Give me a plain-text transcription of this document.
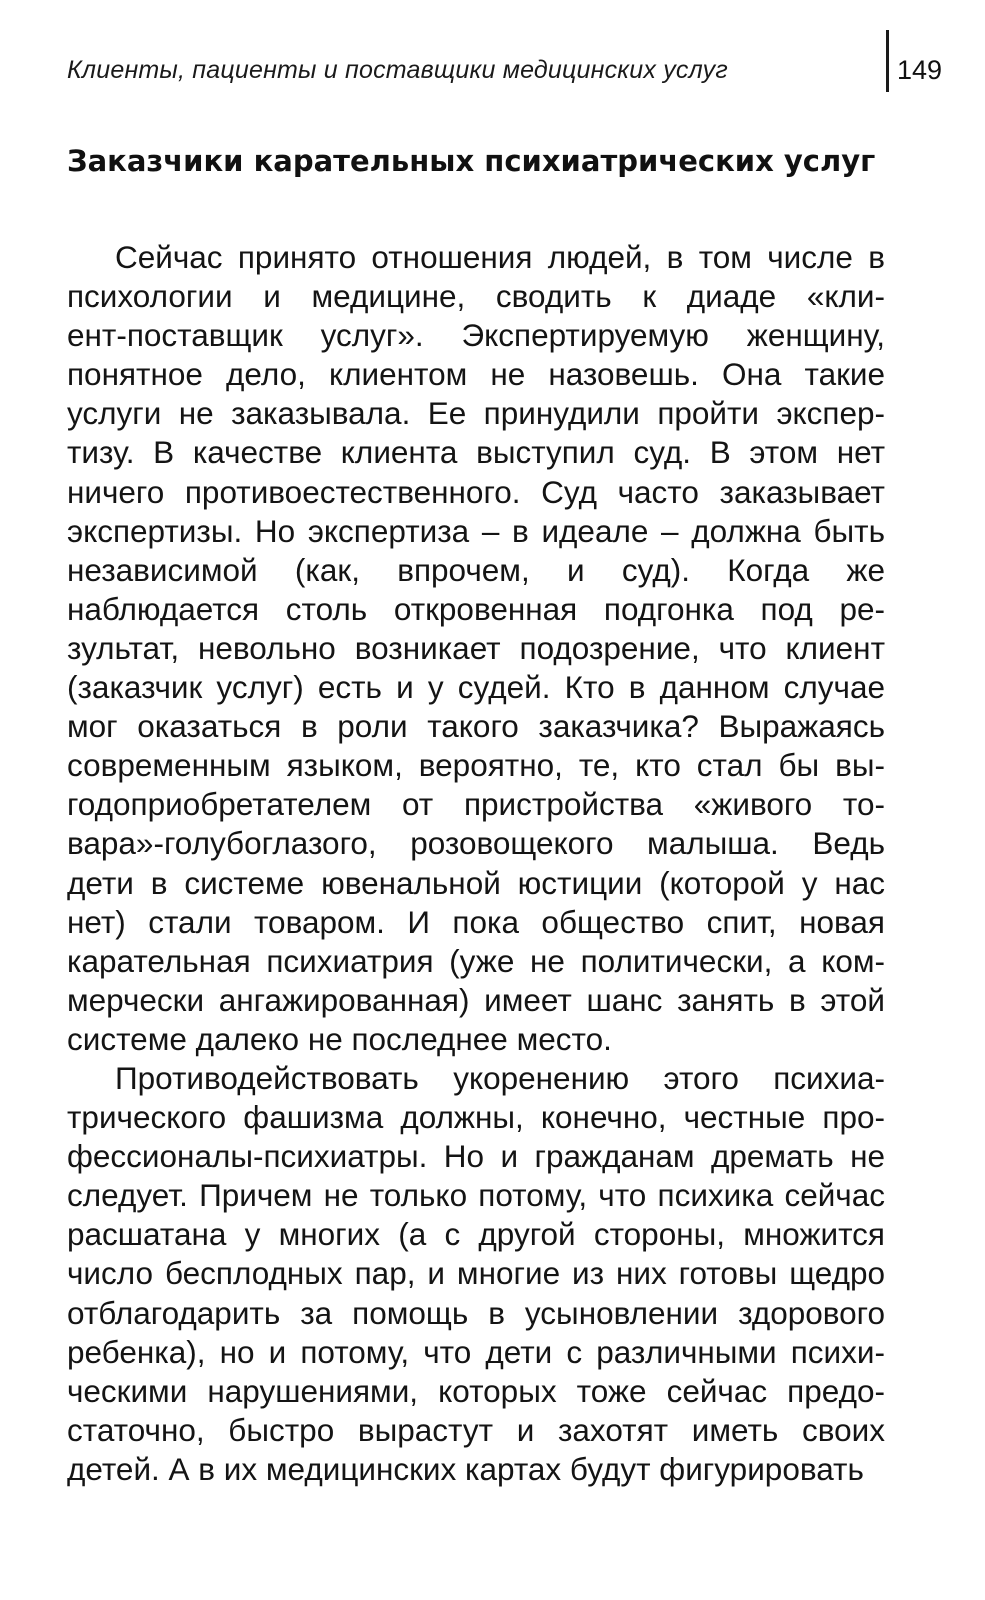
Клиенты, пациенты и поставщики медицинских услуг	149
Заказчики карательных психиатрических услуг

Сейчас принято отношения людей, в том числе в психологии и медицине, сводить к диаде «клиент‑поставщик услуг». Экспертируемую женщину, понятное дело, клиентом не назовешь. Она такие услуги не заказывала. Ее принудили пройти экспертизу. В качестве клиента выступил суд. В этом нет ничего противоестественного. Суд часто заказывает экспертизы. Но экспертиза – в идеале – должна быть независимой (как, впрочем, и суд). Когда же наблюдается столь откровенная подгонка под результат, невольно возникает подозрение, что клиент (заказчик услуг) есть и у судей. Кто в данном случае мог оказаться в роли такого заказчика? Выражаясь современным языком, вероятно, те, кто стал бы выгодоприобретателем от пристройства «живого товара»‑голубоглазого, розовощекого малыша. Ведь дети в системе ювенальной юстиции (которой у нас нет) стали товаром. И пока общество спит, новая карательная психиатрия (уже не политически, а коммерчески ангажированная) имеет шанс занять в этой системе далеко не последнее место.

Противодействовать укоренению этого психиатрического фашизма должны, конечно, честные профессионалы-психиатры. Но и гражданам дремать не следует. Причем не только потому, что психика сейчас расшатана у многих (а с другой стороны, множится число бесплодных пар, и многие из них готовы щедро отблагодарить за помощь в усыновлении здорового ребенка), но и потому, что дети с различными психическими нарушениями, которых тоже сейчас предостаточно, быстро вырастут и захотят иметь своих детей. А в их медицинских картах будут фигурировать
